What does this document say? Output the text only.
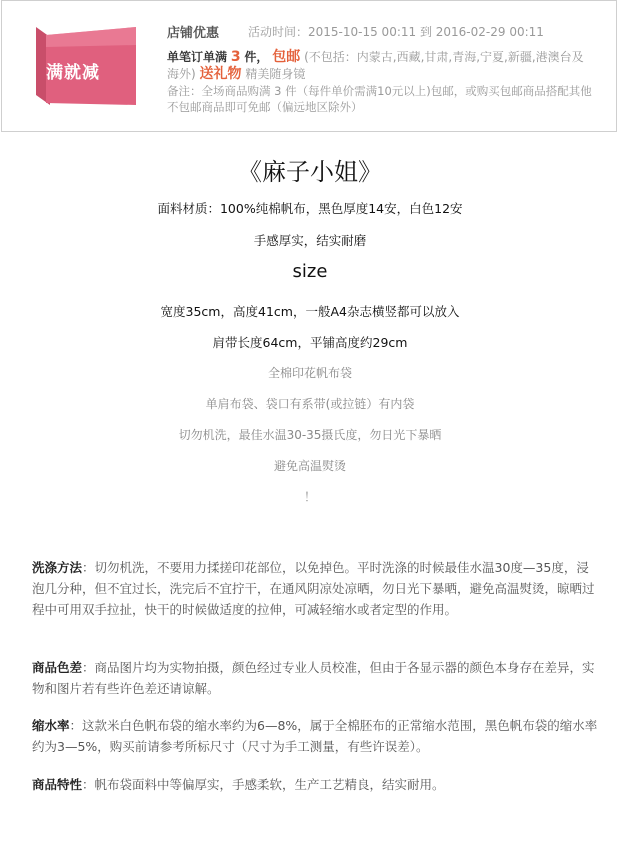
满就减
店铺优惠 活动时间：2015-10-15 00:11 到 2016-02-29 00:11
单笔订单满 3 件， 包邮 (不包括：内蒙古,西藏,甘肃,青海,宁夏,新疆,港澳台及海外) 送礼物 精美随身镜
备注：全场商品购满 3 件（每件单价需满10元以上)包邮，或购买包邮商品搭配其他不包邮商品即可免邮（偏远地区除外）
《麻子小姐》
面料材质：100%纯棉帆布，黑色厚度14安，白色12安
手感厚实，结实耐磨
size
宽度35cm，高度41cm，一般A4杂志横竖都可以放入
肩带长度64cm，平铺高度约29cm
全棉印花帆布袋
单肩布袋、袋口有系带(或拉链）有内袋
切勿机洗，最佳水温30-35摄氏度，勿日光下暴晒
避免高温熨烫
！
洗涤方法：切勿机洗，不要用力揉搓印花部位，以免掉色。平时洗涤的时候最佳水温30度—35度，浸泡几分种，但不宜过长，洗完后不宜拧干，在通风阴凉处凉晒，勿日光下暴晒，避免高温熨烫，晾晒过程中可用双手拉扯，快干的时候做适度的拉伸，可减轻缩水或者定型的作用。
商品色差：商品图片均为实物拍摄，颜色经过专业人员校准，但由于各显示器的颜色本身存在差异，实物和图片若有些许色差还请谅解。
缩水率：这款米白色帆布袋的缩水率约为6—8%，属于全棉胚布的正常缩水范围，黑色帆布袋的缩水率约为3—5%，购买前请参考所标尺寸（尺寸为手工测量，有些许误差）。
商品特性：帆布袋面料中等偏厚实，手感柔软，生产工艺精良，结实耐用。
